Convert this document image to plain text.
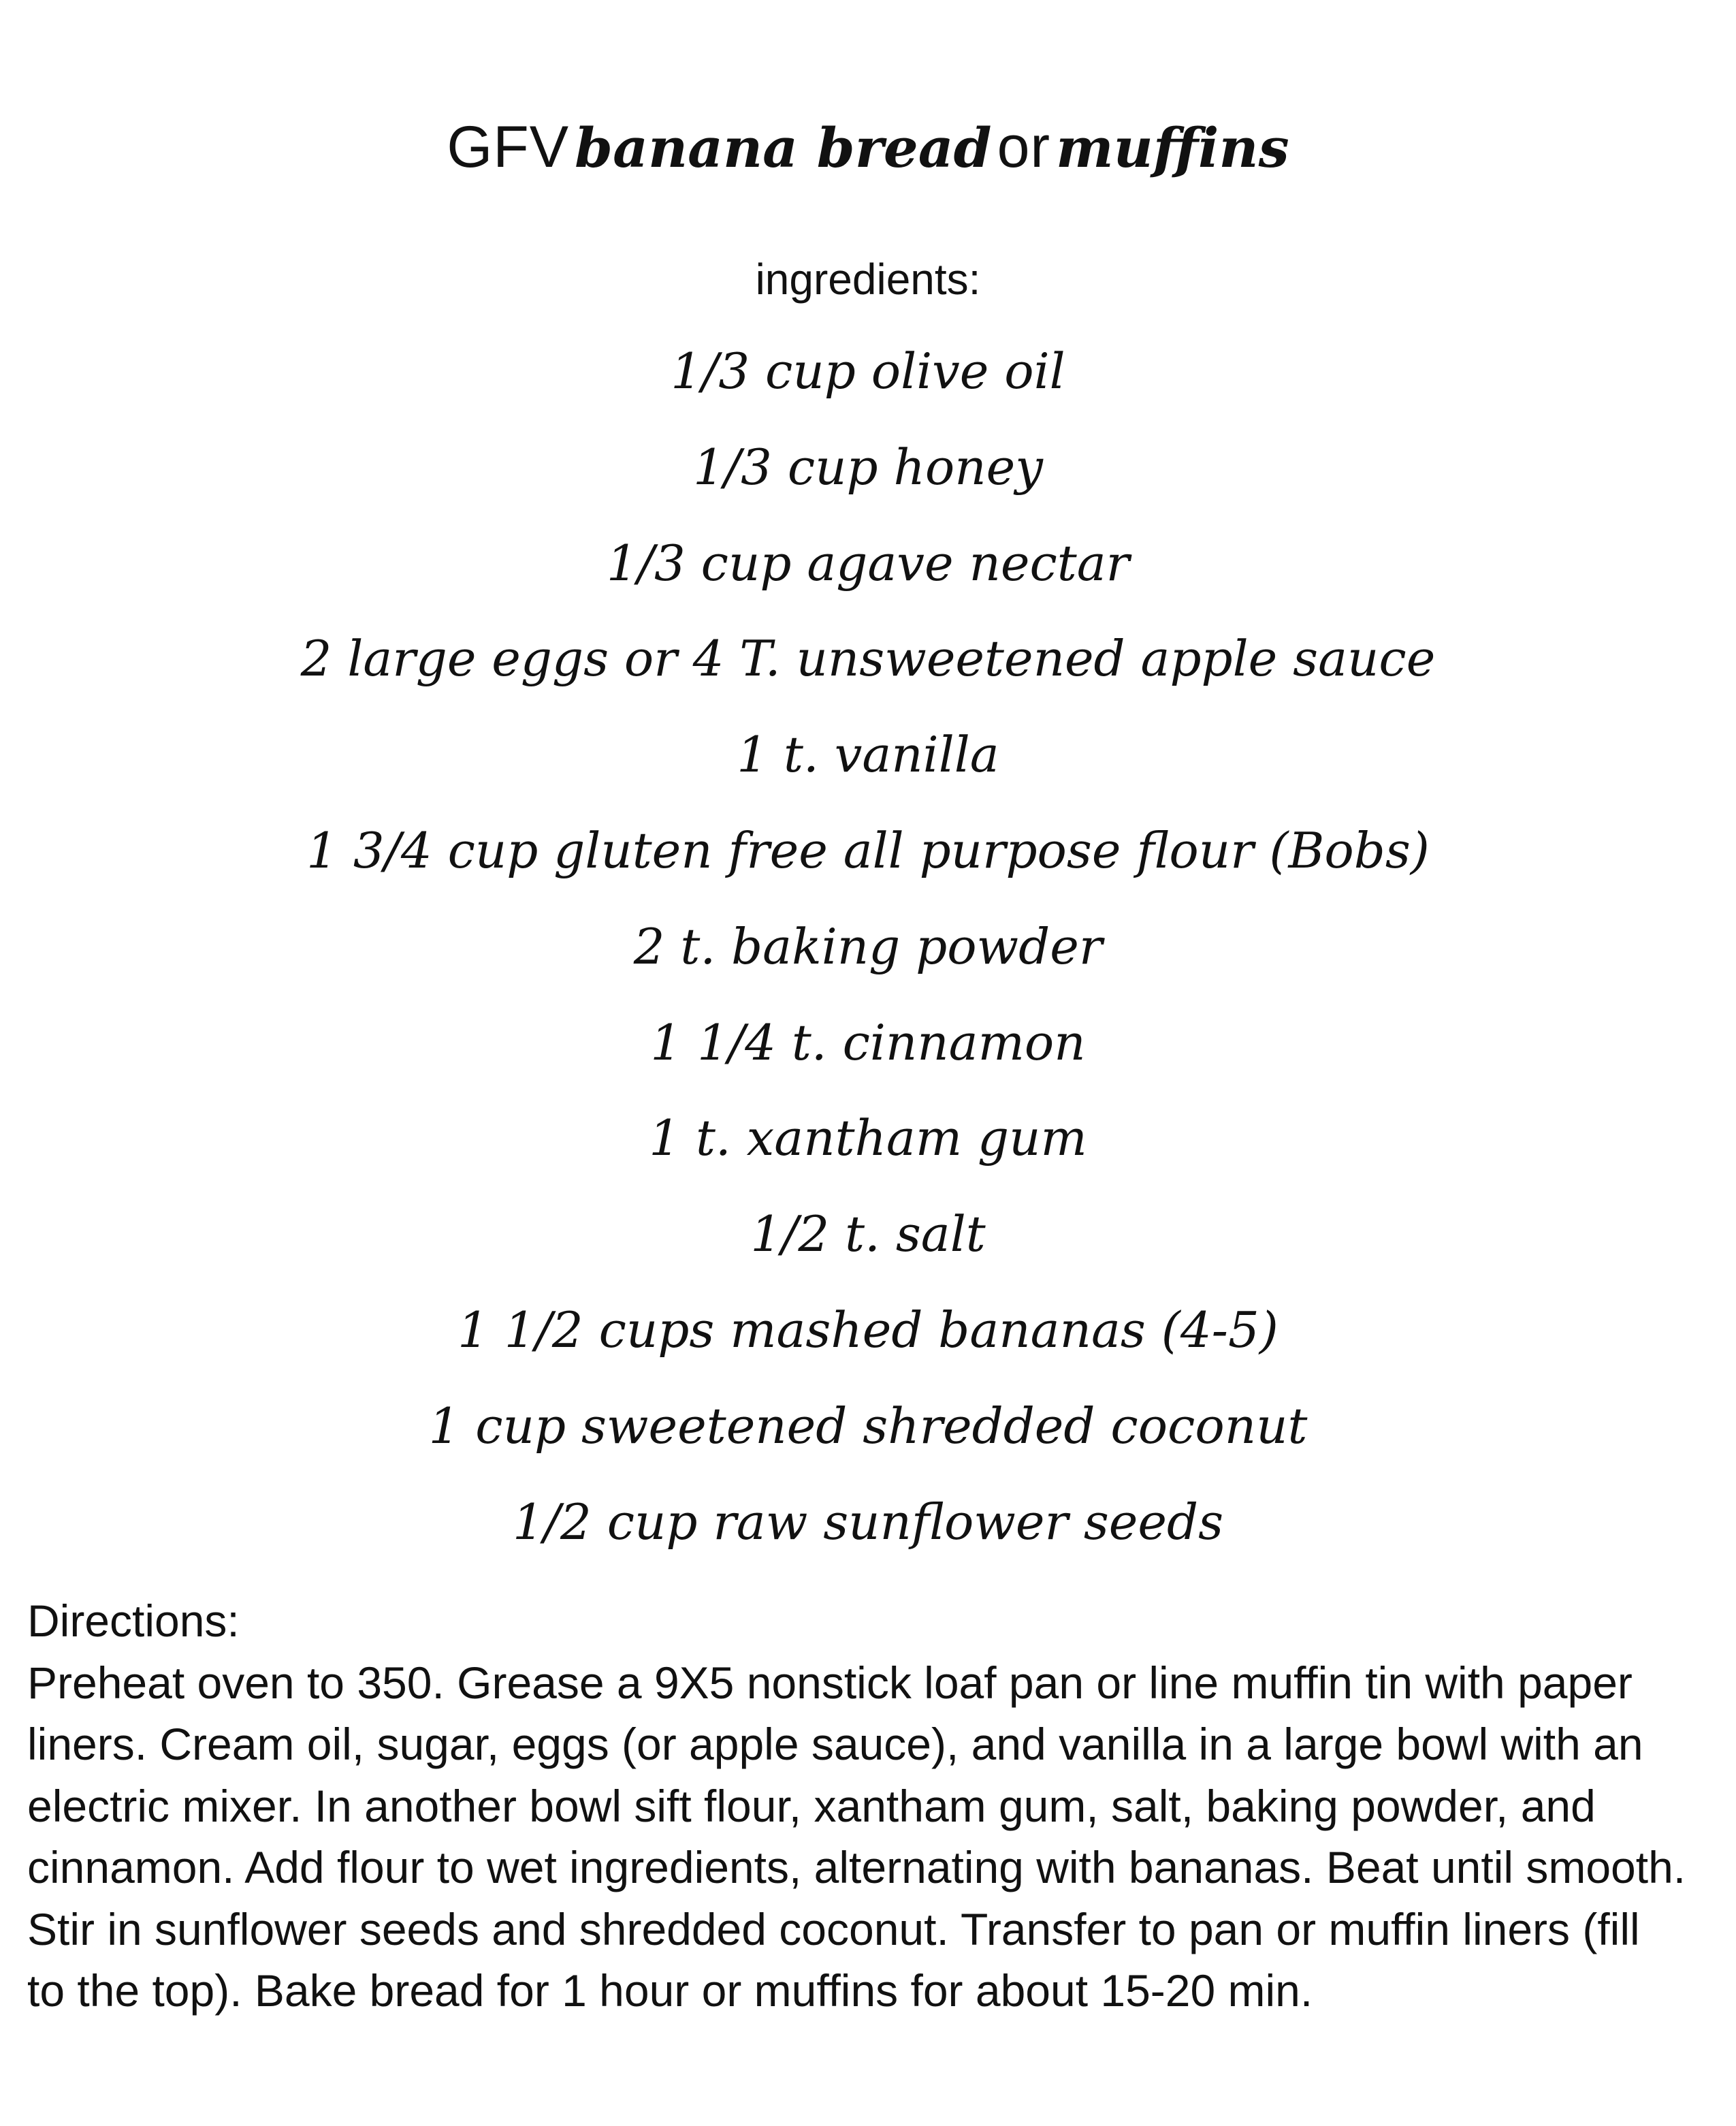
GFV banana bread or muffins
ingredients:
1/3 cup olive oil
1/3 cup honey
1/3 cup agave nectar
2 large eggs or 4 T. unsweetened apple sauce
1 t. vanilla
1 3/4 cup gluten free all purpose flour (Bobs)
2 t. baking powder
1 1/4 t. cinnamon
1 t. xantham gum
1/2 t. salt
1 1/2 cups mashed bananas (4-5)
1 cup sweetened shredded coconut
1/2 cup raw sunflower seeds
Directions:

Preheat oven to 350. Grease a 9X5 nonstick loaf pan or line muffin tin with paper liners. Cream oil, sugar, eggs (or apple sauce), and vanilla in a large bowl with an electric mixer. In another bowl sift flour, xantham gum, salt, baking powder, and cinnamon. Add flour to wet ingredients, alternating with bananas. Beat until smooth. Stir in sunflower seeds and shredded coconut. Transfer to pan or muffin liners (fill to the top). Bake bread for 1 hour or muffins for about 15-20 min.
